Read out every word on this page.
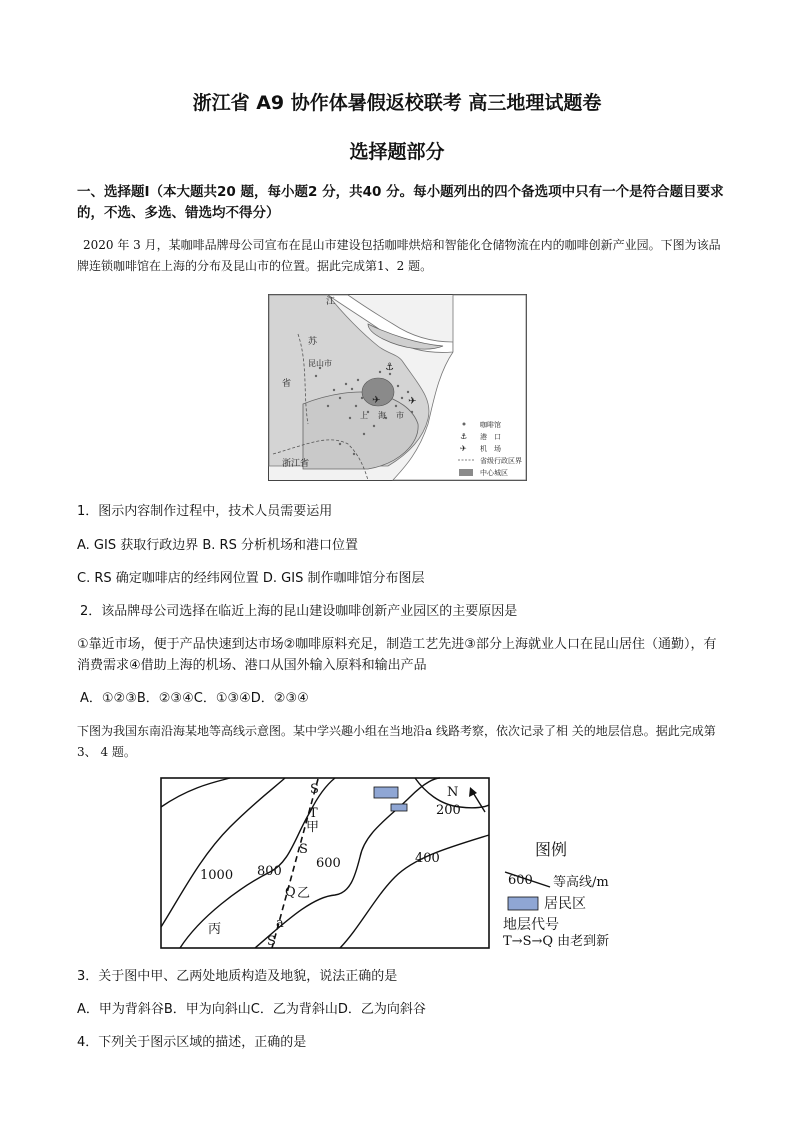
浙江省 A9 协作体暑假返校联考 高三地理试题卷
选择题部分
一、选择题Ⅰ（本大题共20 题，每小题2 分，共40 分。每小题列出的四个备选项中只有一个是符合题目要求的，不选、多选、错选均不得分）
2020 年 3 月，某咖啡品牌母公司宣布在昆山市建设包括咖啡烘焙和智能化仓储物流在内的咖啡创新产业园。下图为该品牌连锁咖啡馆在上海的分布及昆山市的位置。据此完成第1、2 题。
⚓
✈	✈
江
苏
省
昆山市
上 海 市
浙江省
咖啡馆
⚓ 港　口
✈ 机　场
省级行政区界
中心城区
1．图示内容制作过程中，技术人员需要运用
A. GIS 获取行政边界 B. RS 分析机场和港口位置
C. RS 确定咖啡店的经纬网位置 D. GIS 制作咖啡馆分布图层
2．该品牌母公司选择在临近上海的昆山建设咖啡创新产业园区的主要原因是
①靠近市场，便于产品快速到达市场②咖啡原料充足，制造工艺先进③部分上海就业人口在昆山居住（通勤），有消费需求④借助上海的机场、港口从国外输入原料和输出产品
A．①②③B．②③④C．①③④D．②③④
下图为我国东南沿海某地等高线示意图。某中学兴趣小组在当地沿a 线路考察，依次记录了相 关的地层信息。据此完成第3、 4 题。
N
1000 800
600	400
200
S
T
S
Q
S
甲
乙
丙	a
图例
600 等高线/m
居民区
地层代号
T→S→Q 由老到新
3．关于图中甲、乙两处地质构造及地貌，说法正确的是
A．甲为背斜谷B．甲为向斜山C．乙为背斜山D．乙为向斜谷
4．下列关于图示区域的描述，正确的是
